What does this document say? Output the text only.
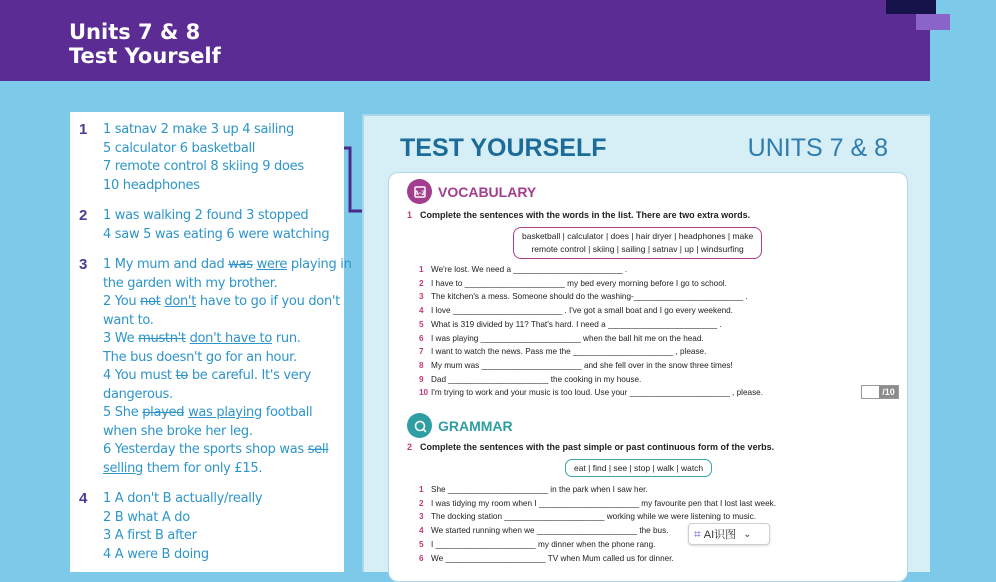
Units 7 & 8
Test Yourself
1	1 satnav 2 make 3 up 4 sailing
5 calculator 6 basketball
7 remote control 8 skiing 9 does
10 headphones
2	1 was walking 2 found 3 stopped
4 saw 5 was eating 6 were watching
3	1 My mum and dad was were playing in
the garden with my brother.
2 You not don't have to go if you don't
want to.
3 We mustn't don't have to run.
The bus doesn't go for an hour.
4 You must to be careful. It's very
dangerous.
5 She played was playing football
when she broke her leg.
6 Yesterday the sports shop was sell
selling them for only £15.
4	1 A don't B actually/really
2 B what A do
3 A first B after
4 A were B doing
TEST YOURSELF	UNITS 7 & 8
A-Z VOCABULARY
1 Complete the sentences with the words in the list. There are two extra words.
basketball | calculator | does | hair dryer | headphones | make
remote control | skiing | sailing | satnav | up | windsurfing
1 We're lost. We need a ________________________ .
2 I have to ______________________ my bed every morning before I go to school.
3 The kitchen's a mess. Someone should do the washing-________________________ .
4 I love ________________________ . I've got a small boat and I go every weekend.
5 What is 319 divided by 11? That's hard. I need a ________________________ .
6 I was playing ______________________ when the ball hit me on the head.
7 I want to watch the news. Pass me the ______________________ , please.
8 My mum was ______________________ and she fell over in the snow three times!
9 Dad ______________________ the cooking in my house.
10 I'm trying to work and your music is too loud. Use your ______________________ , please.	/10
GRAMMAR
2 Complete the sentences with the past simple or past continuous form of the verbs.
eat | find | see | stop | walk | watch
1 She ______________________ in the park when I saw her.
2 I was tidying my room when I ______________________ my favourite pen that I lost last week.
3 The docking station ______________________ working while we were listening to music.
4 We started running when we ______________________ the bus.
5 I ______________________ my dinner when the phone rang.
6 We ______________________ TV when Mum called us for dinner.
⌗ AI识图 ⌄
